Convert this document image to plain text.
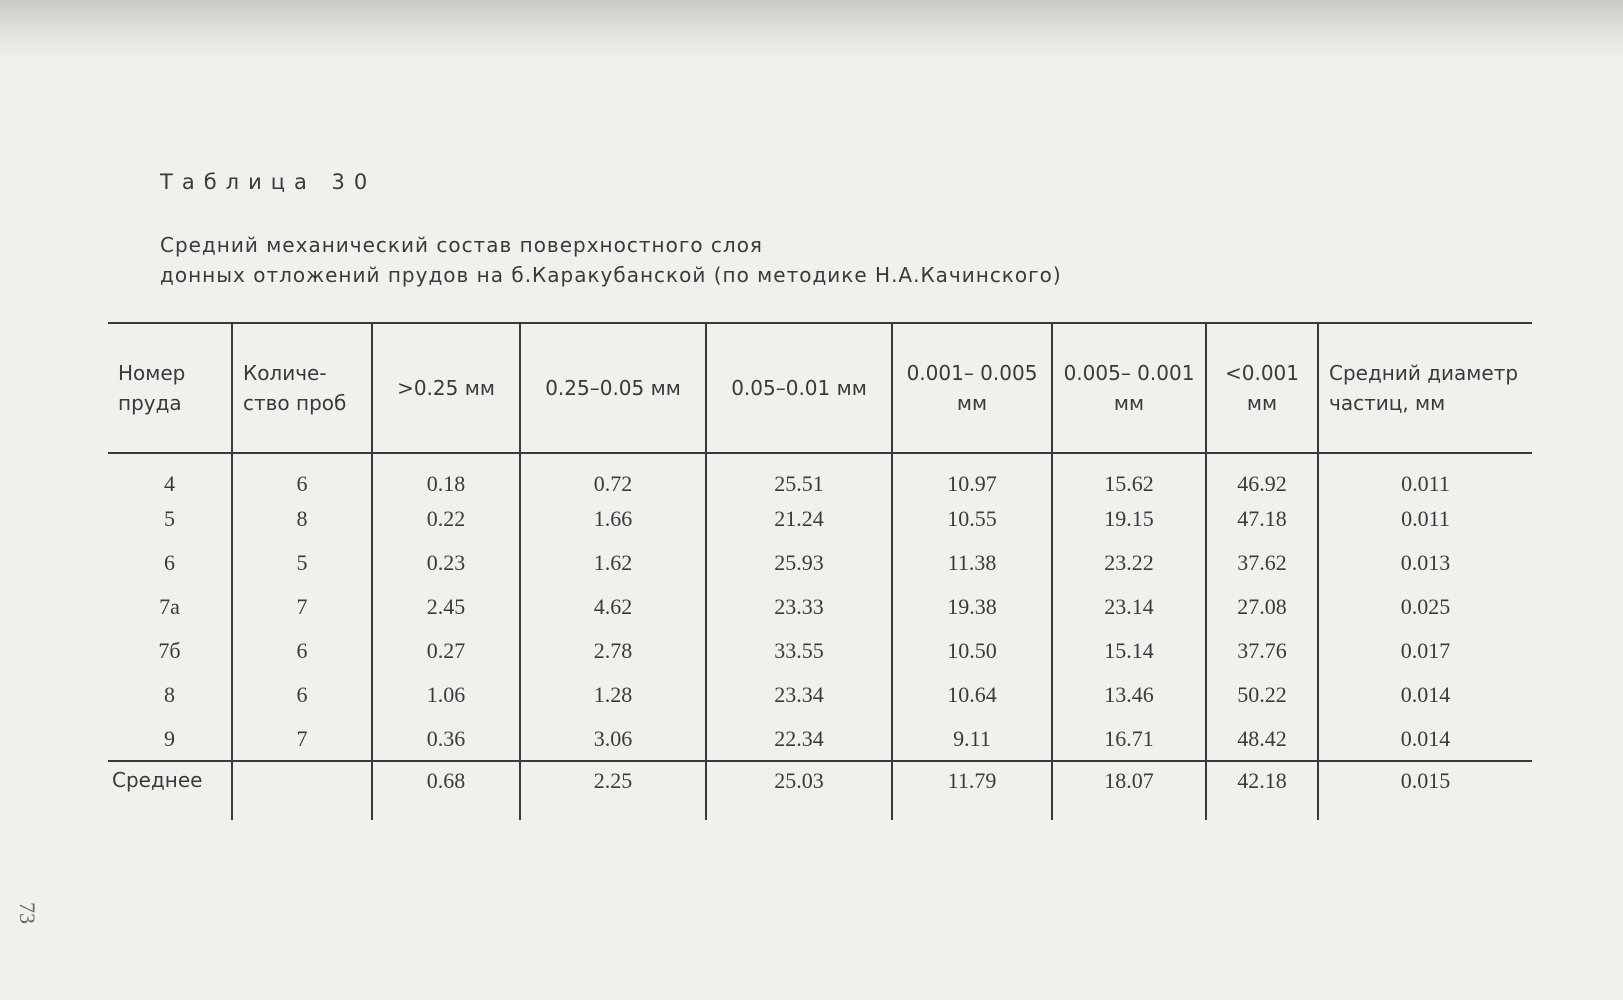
73
Таблица 30
Средний механический состав поверхностного слоя
донных отложений прудов на б.Каракубанской (по методике Н.А.Качинского)
Номер пруда	Количе- ство проб	>0.25 мм	0.25–0.05 мм	0.05–0.01 мм	0.001– 0.005 мм	0.005– 0.001 мм	<0.001 мм	Средний диаметр частиц, мм
4	6	0.18	0.72	25.51	10.97	15.62	46.92	0.011
5	8	0.22	1.66	21.24	10.55	19.15	47.18	0.011
6	5	0.23	1.62	25.93	11.38	23.22	37.62	0.013
7а	7	2.45	4.62	23.33	19.38	23.14	27.08	0.025
7б	6	0.27	2.78	33.55	10.50	15.14	37.76	0.017
8	6	1.06	1.28	23.34	10.64	13.46	50.22	0.014
9	7	0.36	3.06	22.34	9.11	16.71	48.42	0.014
Среднее		0.68	2.25	25.03	11.79	18.07	42.18	0.015
